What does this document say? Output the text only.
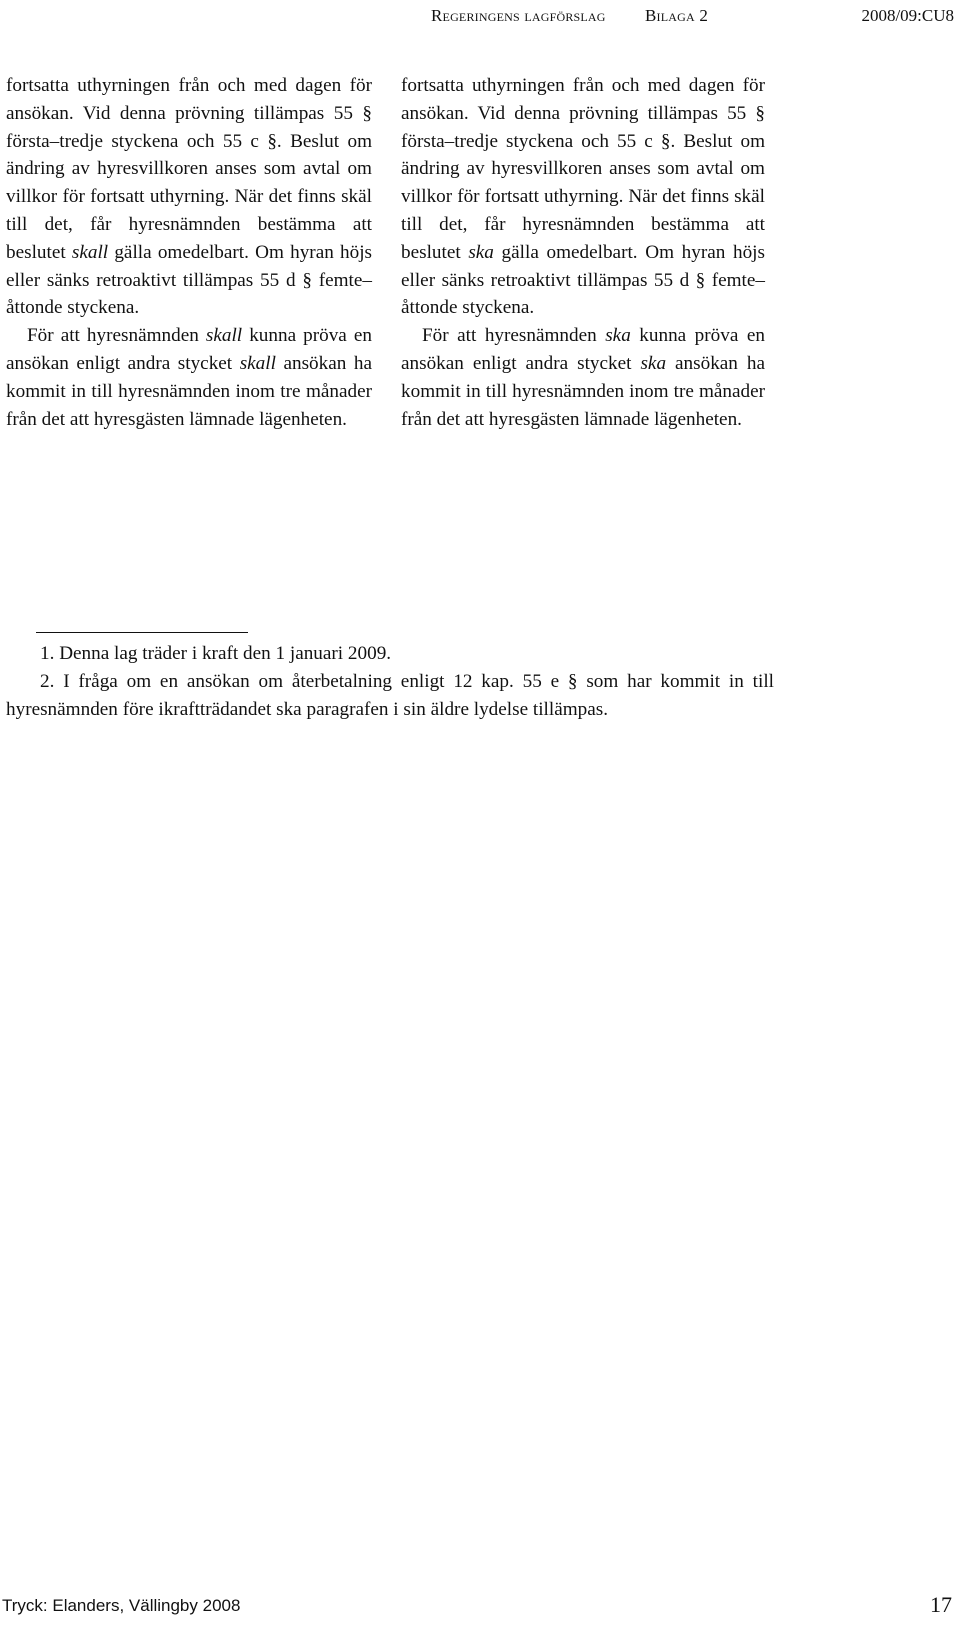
Regeringens lagförslag Bilaga 2	2008/09:CU8

fortsatta uthyrningen från och med dagen för ansökan. Vid denna prövning tillämpas 55 § första–tredje styckena och 55 c §. Beslut om ändring av hyresvillkoren anses som avtal om villkor för fortsatt uthyrning. När det finns skäl till det, får hyresnämnden bestämma att beslutet skall gälla omedelbart. Om hyran höjs eller sänks retroaktivt tillämpas 55 d § femte–åttonde styckena.

För att hyresnämnden skall kunna pröva en ansökan enligt andra stycket skall ansökan ha kommit in till hyresnämnden inom tre månader från det att hyresgästen lämnade lägenheten.

fortsatta uthyrningen från och med dagen för ansökan. Vid denna prövning tillämpas 55 § första–tredje styckena och 55 c §. Beslut om ändring av hyresvillkoren anses som avtal om villkor för fortsatt uthyrning. När det finns skäl till det, får hyresnämnden bestämma att beslutet ska gälla omedelbart. Om hyran höjs eller sänks retroaktivt tillämpas 55 d § femte–åttonde styckena.

För att hyresnämnden ska kunna pröva en ansökan enligt andra stycket ska ansökan ha kommit in till hyresnämnden inom tre månader från det att hyresgästen lämnade lägenheten.

1. Denna lag träder i kraft den 1 januari 2009.

2. I fråga om en ansökan om återbetalning enligt 12 kap. 55 e § som har kommit in till hyresnämnden före ikraftträdandet ska paragrafen i sin äldre lydelse tillämpas.

Tryck: Elanders, Vällingby 2008	17
